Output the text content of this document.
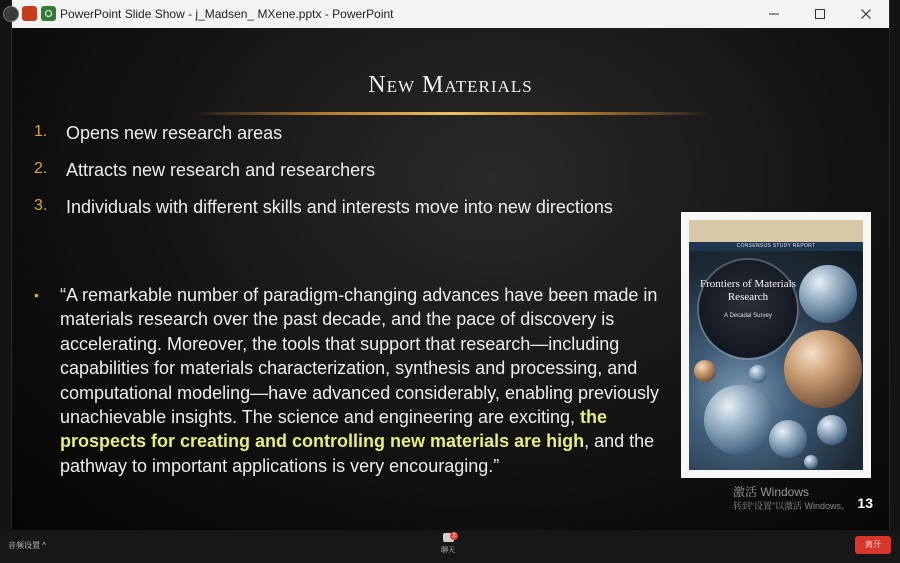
PowerPoint Slide Show - j_Madsen_ MXene.pptx - PowerPoint
New Materials
1.	Opens new research areas
2.	Attracts new research and researchers
3.	Individuals with different skills and interests move into new directions
•	“A remarkable number of paradigm-changing advances have been made in materials research over the past decade, and the pace of discovery is accelerating. Moreover, the tools that support that research—including capabilities for materials characterization, synthesis and processing, and computational modeling—have advanced considerably, enabling previously unachievable insights. The science and engineering are exciting, the prospects for creating and controlling new materials are high, and the pathway to important applications is very encouraging.”
CONSENSUS STUDY REPORT
Frontiers of Materials Research
A Decadal Survey
激活 Windows
转到“设置”以激活 Windows。 13
音频设置 ^
2
聊天
离开
